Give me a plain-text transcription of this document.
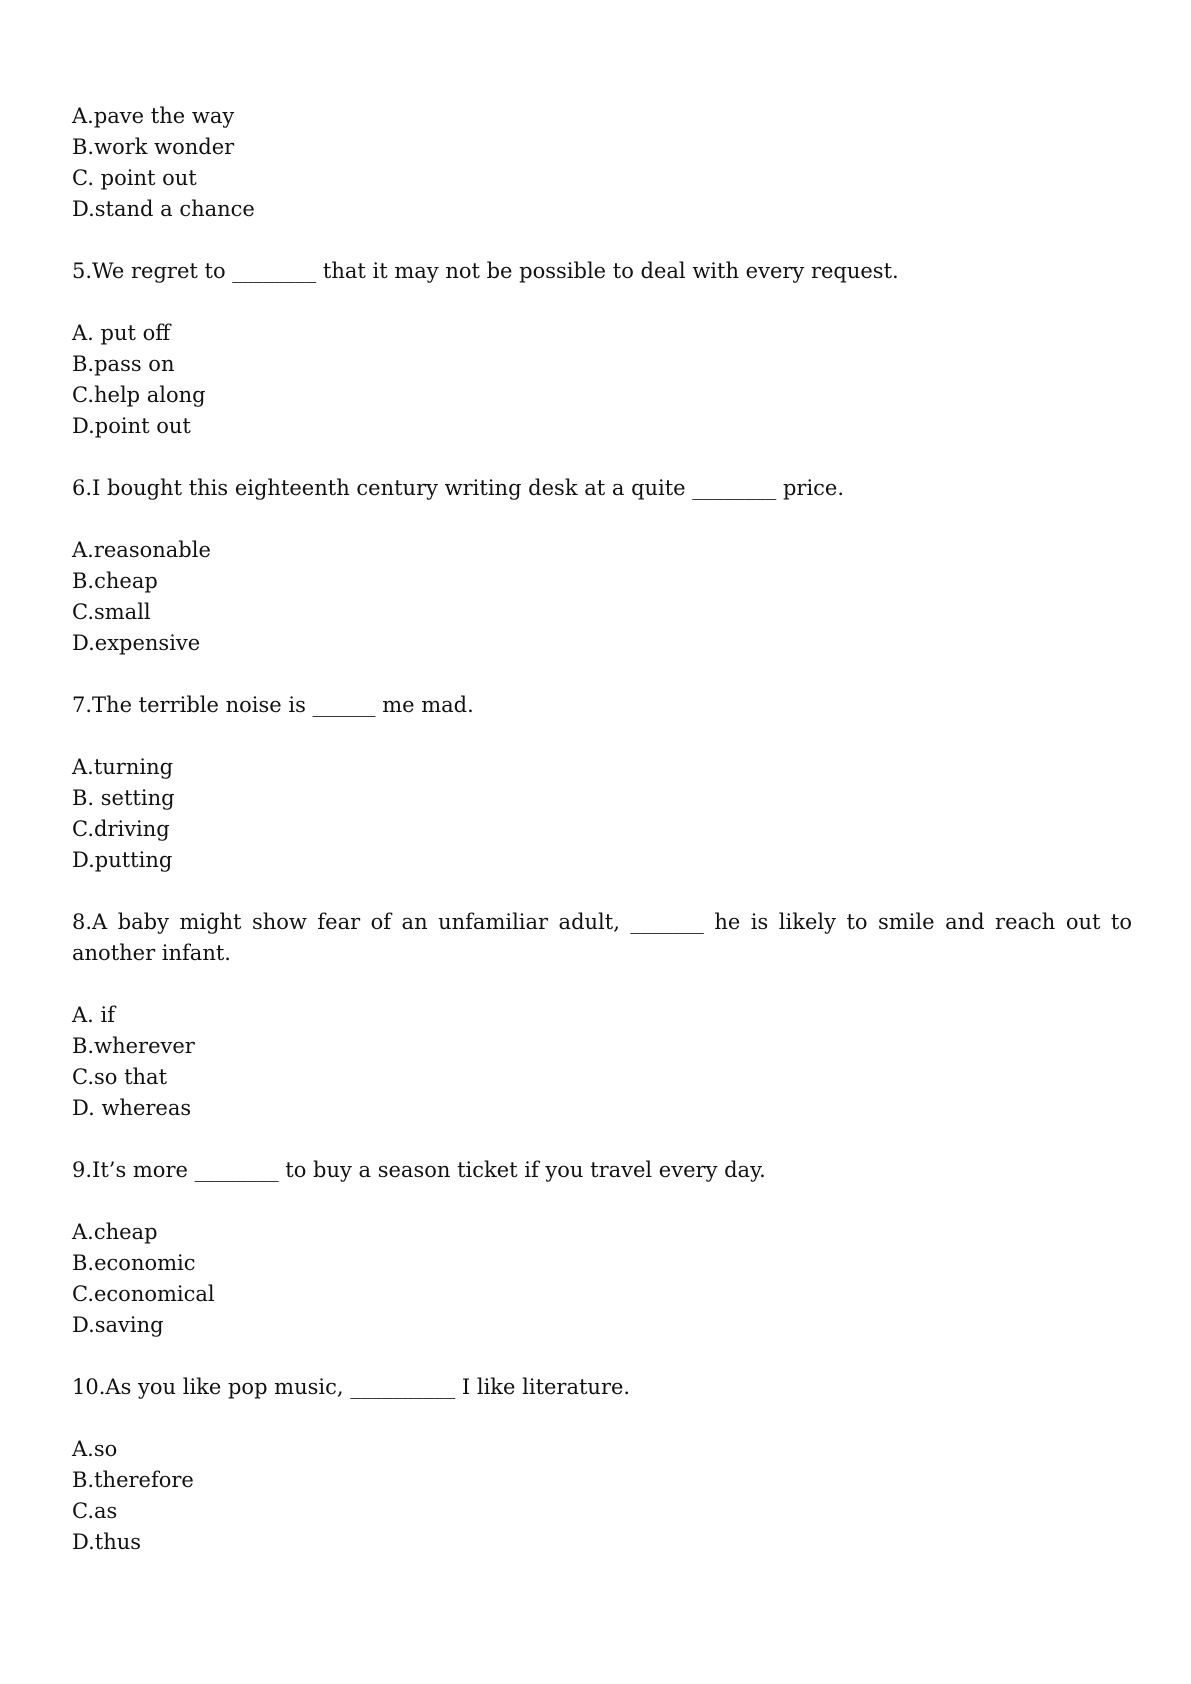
A.pave the way
B.work wonder
C. point out
D.stand a chance
5.We regret to ________ that it may not be possible to deal with every request.
A. put off
B.pass on
C.help along
D.point out
6.I bought this eighteenth century writing desk at a quite ________ price.
A.reasonable
B.cheap
C.small
D.expensive
7.The terrible noise is ______ me mad.
A.turning
B. setting
C.driving
D.putting
8.A baby might show fear of an unfamiliar adult, _______ he is likely to smile and reach out to another infant.
A. if
B.wherever
C.so that
D. whereas
9.It’s more ________ to buy a season ticket if you travel every day.
A.cheap
B.economic
C.economical
D.saving
10.As you like pop music, __________ I like literature.
A.so
B.therefore
C.as
D.thus
